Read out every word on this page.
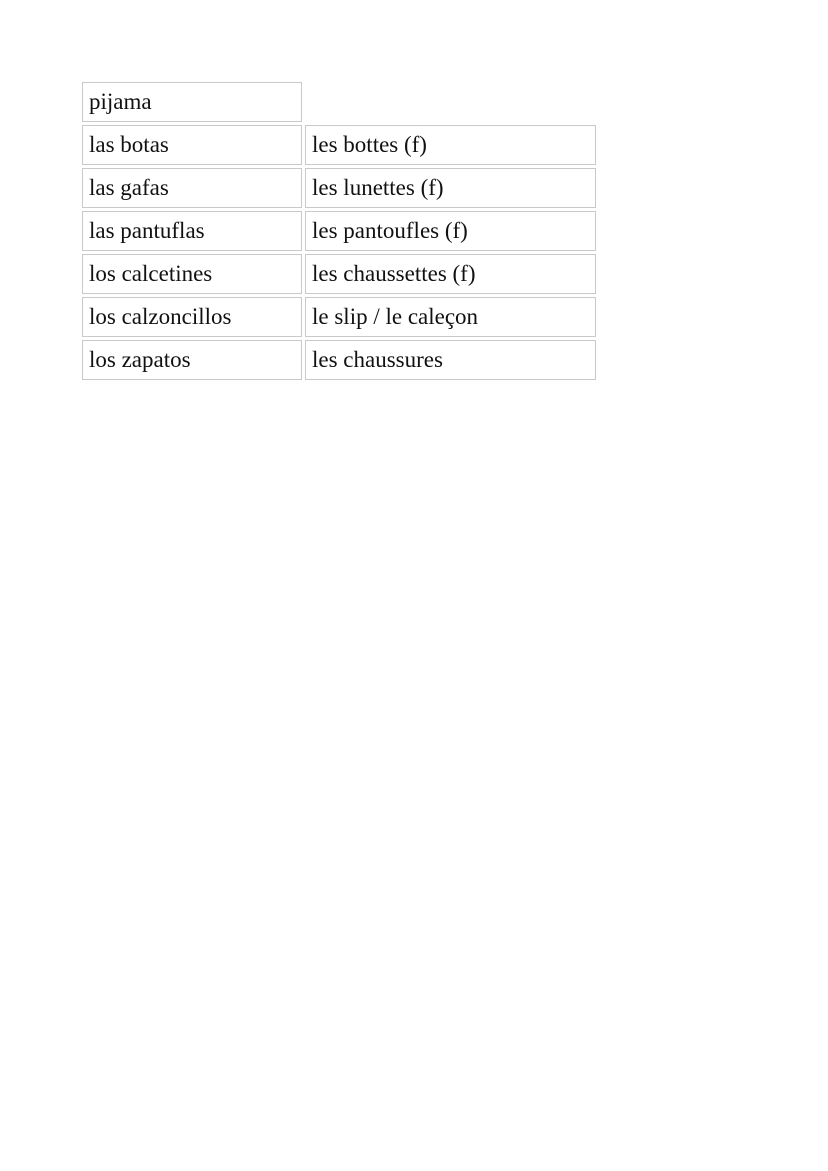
pijama	
las botas	les bottes (f)
las gafas	les lunettes (f)
las pantuflas	les pantoufles (f)
los calcetines	les chaussettes (f)
los calzoncillos	le slip / le caleçon
los zapatos	les chaussures
